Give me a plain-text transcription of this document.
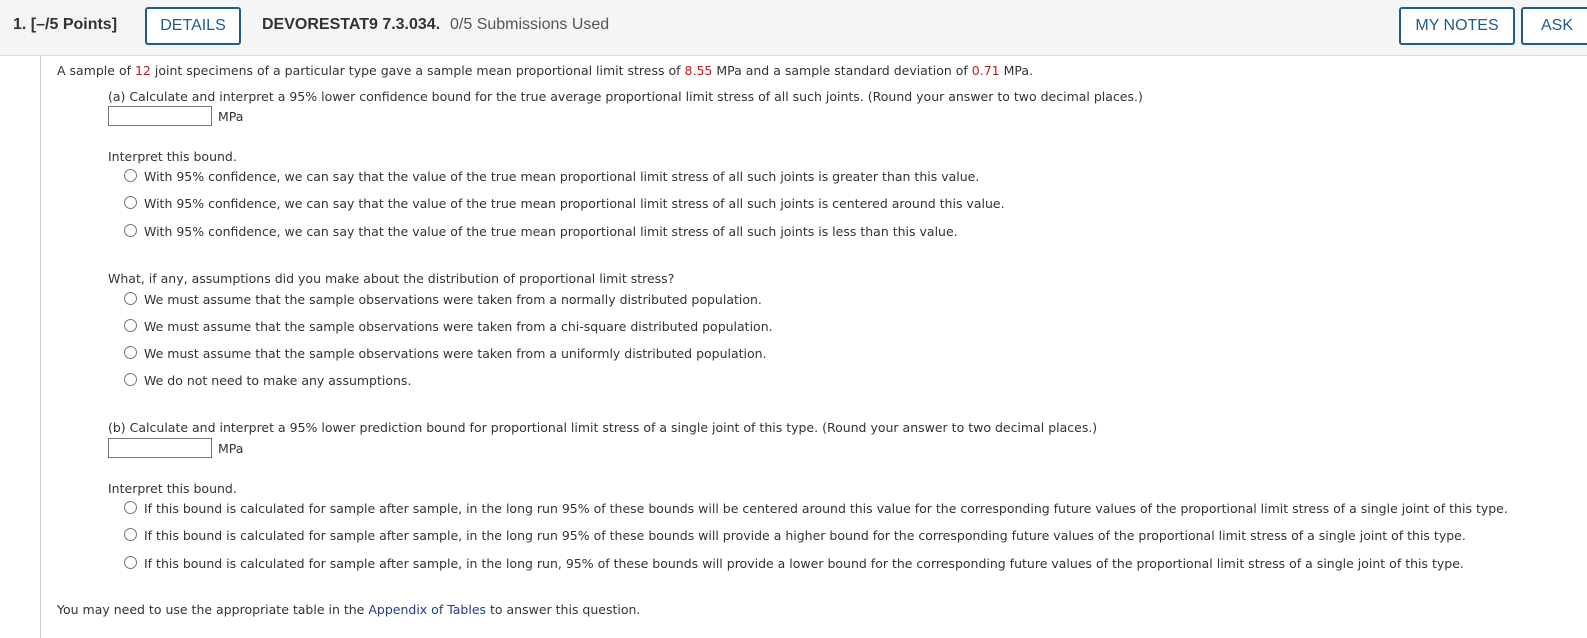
1. [–/5 Points]	DETAILS	DEVORESTAT9 7.3.034. 0/5 Submissions Used	MY NOTES	ASK
A sample of 12 joint specimens of a particular type gave a sample mean proportional limit stress of 8.55 MPa and a sample standard deviation of 0.71 MPa.
(a) Calculate and interpret a 95% lower confidence bound for the true average proportional limit stress of all such joints. (Round your answer to two decimal places.)
MPa
Interpret this bound.
With 95% confidence, we can say that the value of the true mean proportional limit stress of all such joints is greater than this value.
With 95% confidence, we can say that the value of the true mean proportional limit stress of all such joints is centered around this value.
With 95% confidence, we can say that the value of the true mean proportional limit stress of all such joints is less than this value.
What, if any, assumptions did you make about the distribution of proportional limit stress?
We must assume that the sample observations were taken from a normally distributed population.
We must assume that the sample observations were taken from a chi-square distributed population.
We must assume that the sample observations were taken from a uniformly distributed population.
We do not need to make any assumptions.
(b) Calculate and interpret a 95% lower prediction bound for proportional limit stress of a single joint of this type. (Round your answer to two decimal places.)
MPa
Interpret this bound.
If this bound is calculated for sample after sample, in the long run 95% of these bounds will be centered around this value for the corresponding future values of the proportional limit stress of a single joint of this type.
If this bound is calculated for sample after sample, in the long run 95% of these bounds will provide a higher bound for the corresponding future values of the proportional limit stress of a single joint of this type.
If this bound is calculated for sample after sample, in the long run, 95% of these bounds will provide a lower bound for the corresponding future values of the proportional limit stress of a single joint of this type.
You may need to use the appropriate table in the Appendix of Tables to answer this question.
